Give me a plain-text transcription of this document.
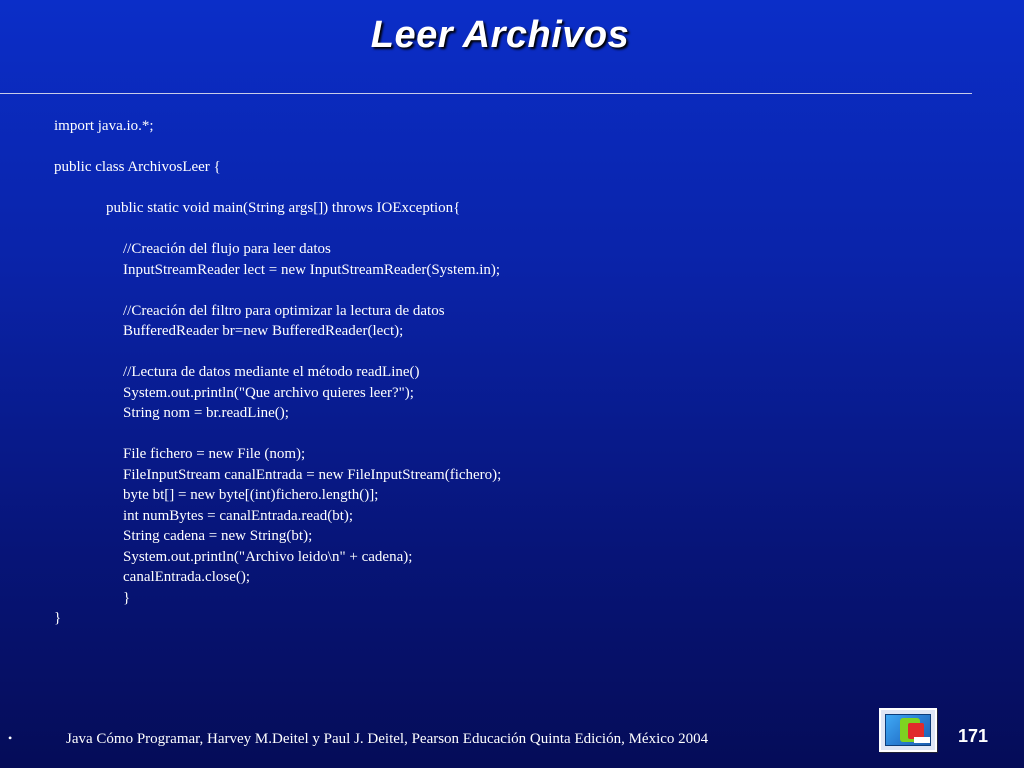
Leer Archivos
import java.io.*;
public class ArchivosLeer {
public static void main(String args[]) throws IOException{
//Creación del flujo para leer datos
InputStreamReader lect = new InputStreamReader(System.in);
//Creación del filtro para optimizar la lectura de datos
BufferedReader br=new BufferedReader(lect);
//Lectura de datos mediante el método readLine()
System.out.println("Que archivo quieres leer?");
String nom = br.readLine();
File fichero = new File (nom);
FileInputStream canalEntrada = new FileInputStream(fichero);
byte bt[] = new byte[(int)fichero.length()];
int numBytes = canalEntrada.read(bt);
String cadena = new String(bt);
System.out.println("Archivo leido\n" + cadena);
canalEntrada.close();
}
}
•	Java Cómo Programar, Harvey M.Deitel y Paul J. Deitel, Pearson Educación Quinta Edición, México 2004	171
